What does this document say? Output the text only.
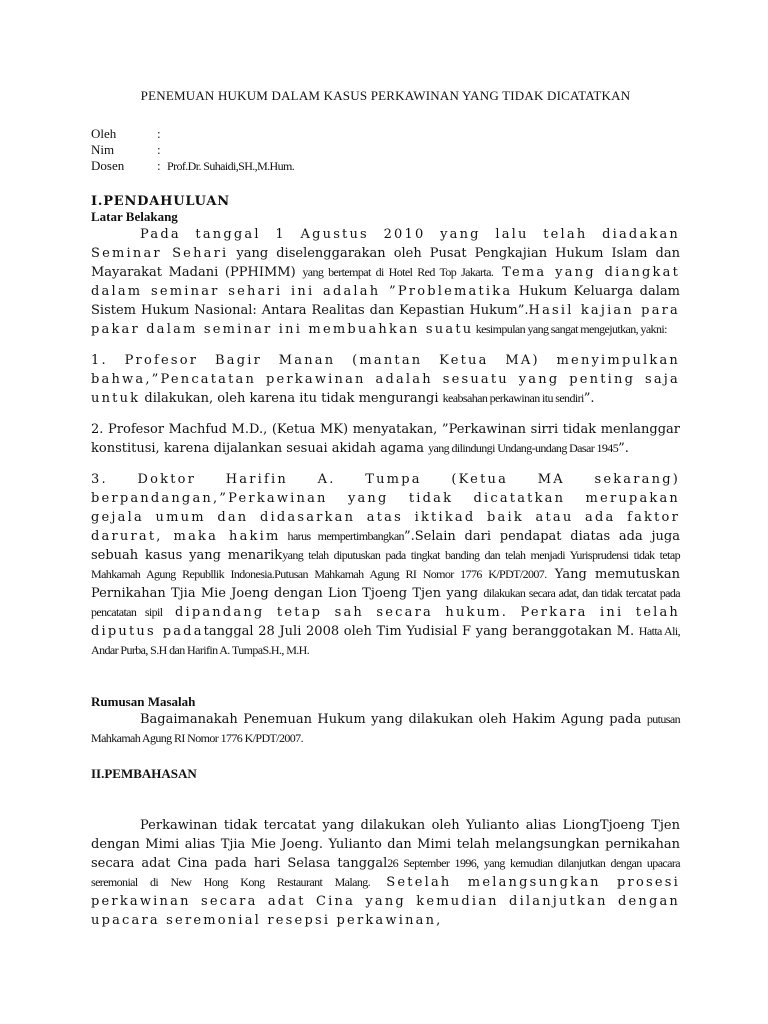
PENEMUAN HUKUM DALAM KASUS PERKAWINAN YANG TIDAK DICATATKAN
Oleh	:
Nim	:
Dosen	: Prof.Dr. Suhaidi,SH.,M.Hum.
I.PENDAHULUAN
Latar Belakang

Pada tanggal 1 Agustus 2010 yang lalu telah diadakan Seminar Sehari yang diselenggarakan oleh Pusat Pengkajian Hukum Islam dan Mayarakat Madani (PPHIMM) yang bertempat di Hotel Red Top Jakarta. Tema yang diangkat dalam seminar sehari ini adalah ”Problematika Hukum Keluarga dalam Sistem Hukum Nasional: Antara Realitas dan Kepastian Hukum”.Hasil kajian para pakar dalam seminar ini membuahkan suatu kesimpulan yang sangat mengejutkan, yakni:

1. Profesor Bagir Manan (mantan Ketua MA) menyimpulkan bahwa,”Pencatatan perkawinan adalah sesuatu yang penting saja untuk dilakukan, oleh karena itu tidak mengurangi keabsahan perkawinan itu sendiri”.

2. Profesor Machfud M.D., (Ketua MK) menyatakan, ”Perkawinan sirri tidak menlanggar konstitusi, karena dijalankan sesuai akidah agama yang dilindungi Undang-undang Dasar 1945”.

3. Doktor Harifin A. Tumpa (Ketua MA sekarang) berpandangan,”Perkawinan yang tidak dicatatkan merupakan gejala umum dan didasarkan atas iktikad baik atau ada faktor darurat, maka hakim harus mempertimbangkan”.Selain dari pendapat diatas ada juga sebuah kasus yang menarikyang telah diputuskan pada tingkat banding dan telah menjadi Yurisprudensi tidak tetap Mahkamah Agung Republlik Indonesia.Putusan Mahkamah Agung RI Nomor 1776 K/PDT/2007. Yang memutuskan Pernikahan Tjia Mie Joeng dengan Lion Tjoeng Tjen yang dilakukan secara adat, dan tidak tercatat pada pencatatan sipil dipandang tetap sah secara hukum. Perkara ini telah diputus padatanggal 28 Juli 2008 oleh Tim Yudisial F yang beranggotakan M. Hatta Ali, Andar Purba, S.H dan Harifin A. TumpaS.H., M.H.

Rumusan Masalah

Bagaimanakah Penemuan Hukum yang dilakukan oleh Hakim Agung pada putusan Mahkamah Agung RI Nomor 1776 K/PDT/2007.

II.PEMBAHASAN

Perkawinan tidak tercatat yang dilakukan oleh Yulianto alias LiongTjoeng Tjen dengan Mimi alias Tjia Mie Joeng. Yulianto dan Mimi telah melangsungkan pernikahan secara adat Cina pada hari Selasa tanggal26 September 1996, yang kemudian dilanjutkan dengan upacara seremonial di New Hong Kong Restaurant Malang. Setelah melangsungkan prosesi perkawinan secara adat Cina yang kemudian dilanjutkan dengan upacara seremonial resepsi perkawinan,
